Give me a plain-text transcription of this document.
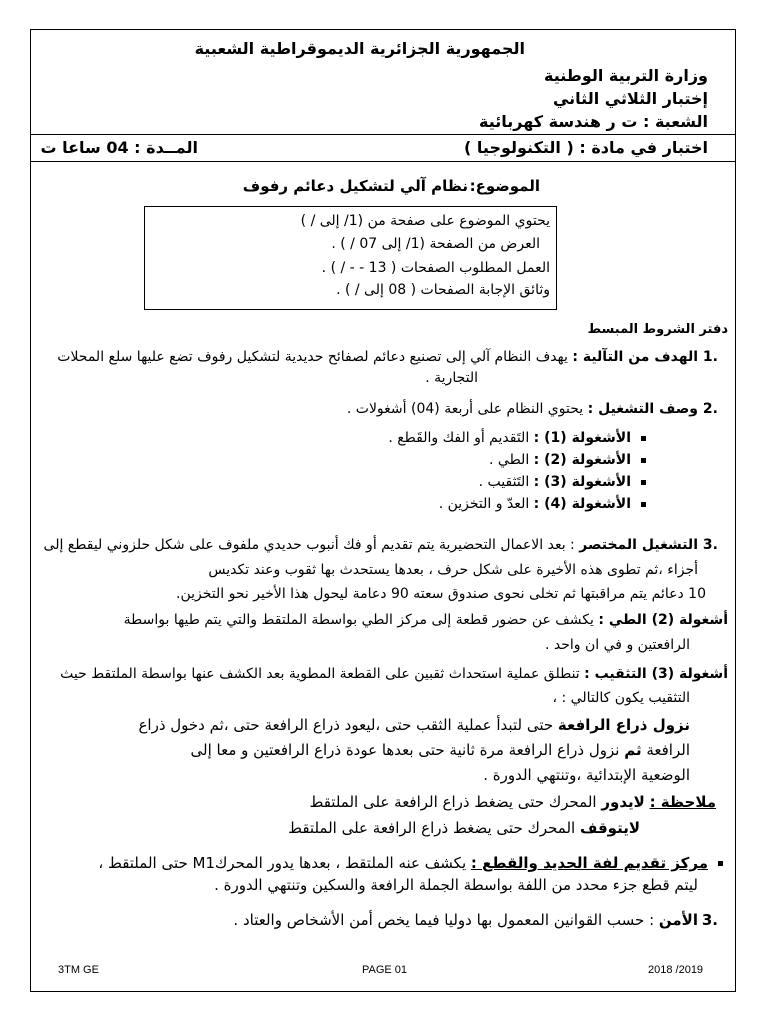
الجمهورية الجزائرية الديموقراطية الشعبية
وزارة التربية الوطنية
إختبار الثلاثي الثاني
الشعبة : ت ر هندسة كهربائية
اختبار في مادة : ( التكنولوجيا )
المــدة : 04 ساعا ت
الموضوع:
نظام آلي لتشكيل دعائم رفوف
يحتوي الموضوع على صفحة من (1/ إلى / )
العرض من الصفحة (1/ إلى 07 / ) .
العمل المطلوب الصفحات ( 13 - - / ) .
وثائق الإجابة الصفحات ( 08 إلى / ) .
دفتر الشروط المبسط
.1
الهدف من التآلية : يهدف النظام آلي إلى تصنيع دعائم لصفائح حديدية لتشكيل رفوف تضع عليها سلع المحلات
التجارية .
.2
وصف التشغيل : يحتوي النظام على أربعة (04) أشغولات .
الأشغولة (1) : التَقديم أو الفك والقَطع .
الأشغولة (2) : الطي .
الأشغولة (3) : التَثقيب .
الأشغولة (4) : العدّ و التخزين .
.3
التشغيل المختصر : بعد الاعمال التحضيرية يتم تقديم أو فك أنبوب حديدي ملفوف على شكل حلزوني ليقطع إلى
أجزاء ،ثم تطوى هذه الأخيرة على شكل حرف ، بعدها يستحدث بها ثقوب وعند تكديس
10 دعائم يتم مراقبتها ثم تخلى نحوى صندوق سعته 90 دعامة ليحول هذا الأخير نحو التخزين.
أشغولة (2) الطي : يكشف عن حضور قطعة إلى مركز الطي بواسطة الملتقط والتي يتم طيها بواسطة
الرافعتين و في ان واحد .
أشغولة (3) التثقيب : تنطلق عملية استحداث ثقبين على القطعة المطوية بعد الكشف عنها بواسطة الملتقط حيث
التثقيب يكون كالتالي : ،
نزول ذراع الرافعة حتى لتبدأ عملية الثقب حتى ،ليعود ذراع الرافعة حتى ،ثم دخول ذراع
الرافعة ثم نزول ذراع الرافعة مرة ثانية حتى بعدها عودة ذراع الرافعتين و معا إلى
الوضعية الإبتدائية ،وتنتهي الدورة .
ملاحظة : لايدور المحرك حتى يضغط ذراع الرافعة على الملتقط
لايتوقف المحرك حتى يضغط ذراع الرافعة على الملتقط
مركز تقديم لفة الحديد والقطع : يكشف عنه الملتقط ، بعدها يدور المحركM1 حتى الملتقط ،
ليتم قطع جزء محدد من اللفة بواسطة الجملة الرافعة والسكين وتنتهي الدورة .
.3
الأمن : حسب القوانين المعمول بها دوليا فيما يخص أمن الأشخاص والعتاد .
3TM GE	PAGE 01	2018 /2019
